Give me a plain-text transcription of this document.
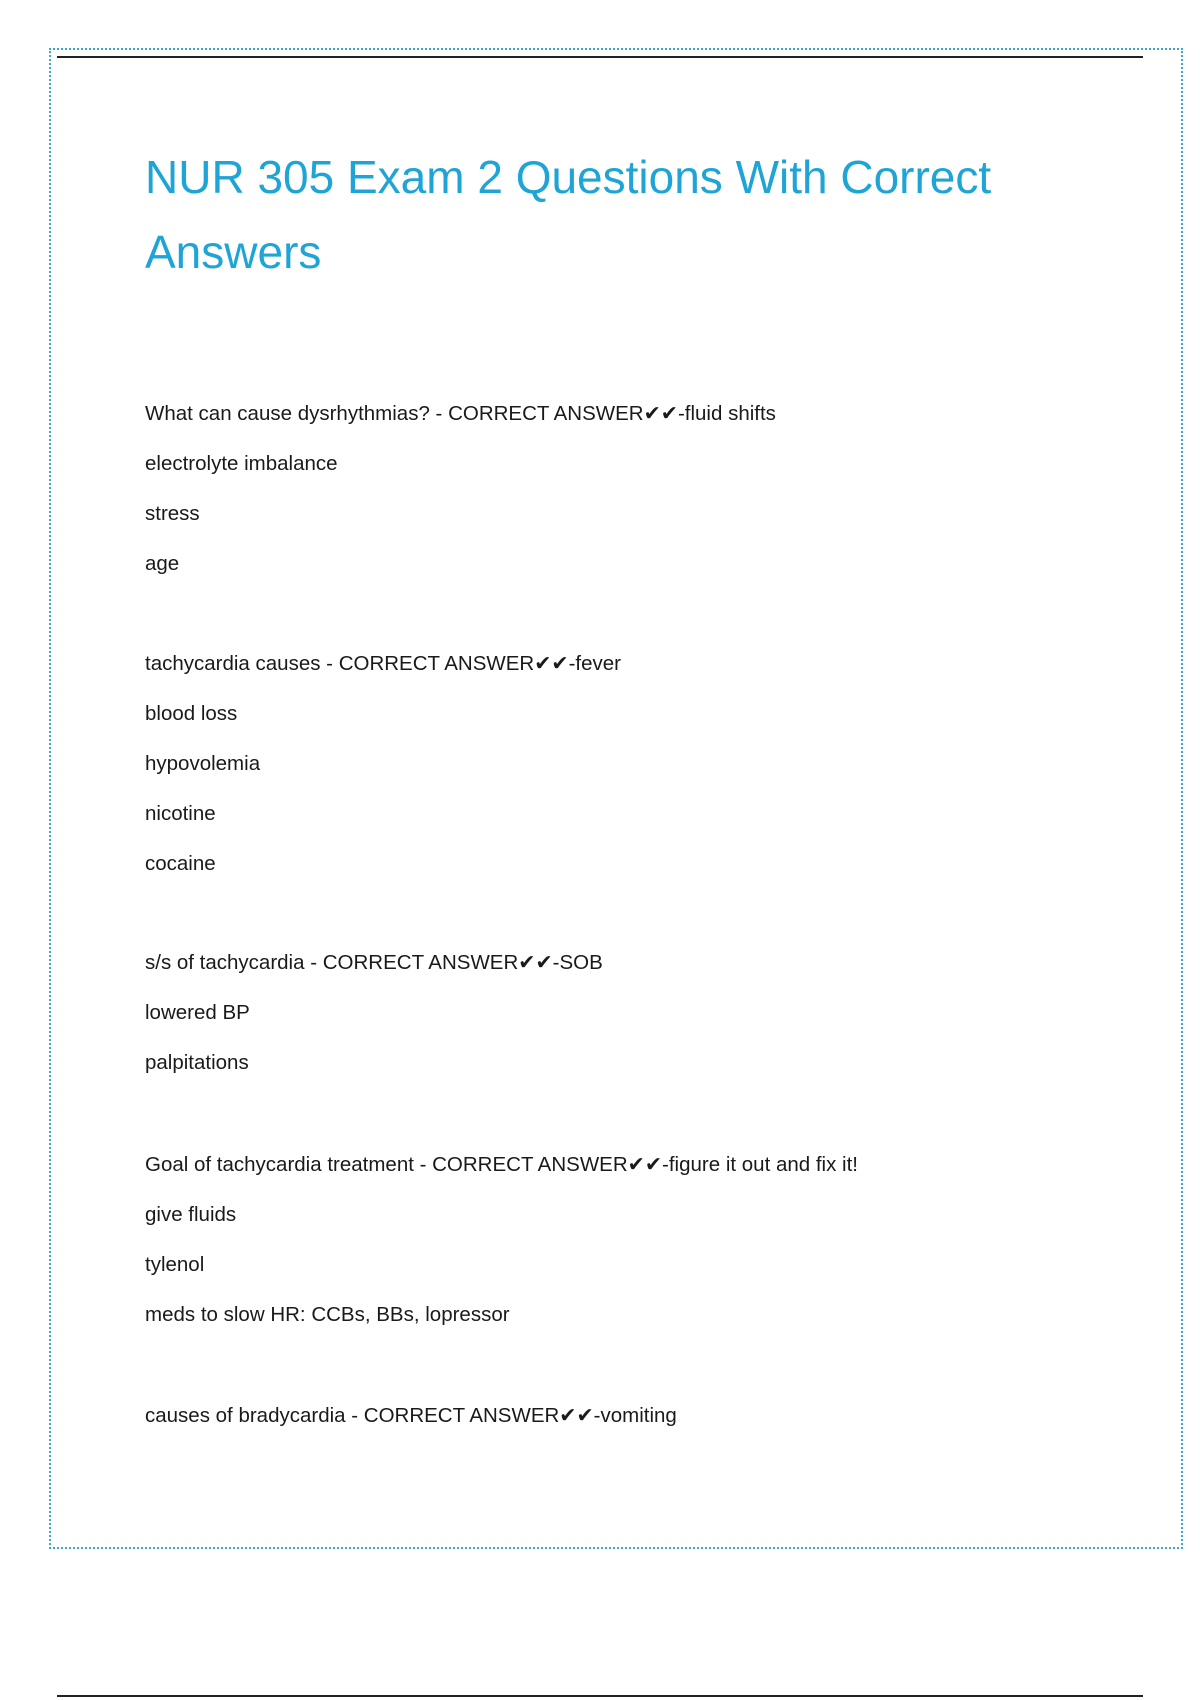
NUR 305 Exam 2 Questions With Correct Answers
What can cause dysrhythmias? - CORRECT ANSWER✔✔-fluid shifts
electrolyte imbalance
stress
age
tachycardia causes - CORRECT ANSWER✔✔-fever
blood loss
hypovolemia
nicotine
cocaine
s/s of tachycardia - CORRECT ANSWER✔✔-SOB
lowered BP
palpitations
Goal of tachycardia treatment - CORRECT ANSWER✔✔-figure it out and fix it!
give fluids
tylenol
meds to slow HR: CCBs, BBs, lopressor
causes of bradycardia - CORRECT ANSWER✔✔-vomiting
